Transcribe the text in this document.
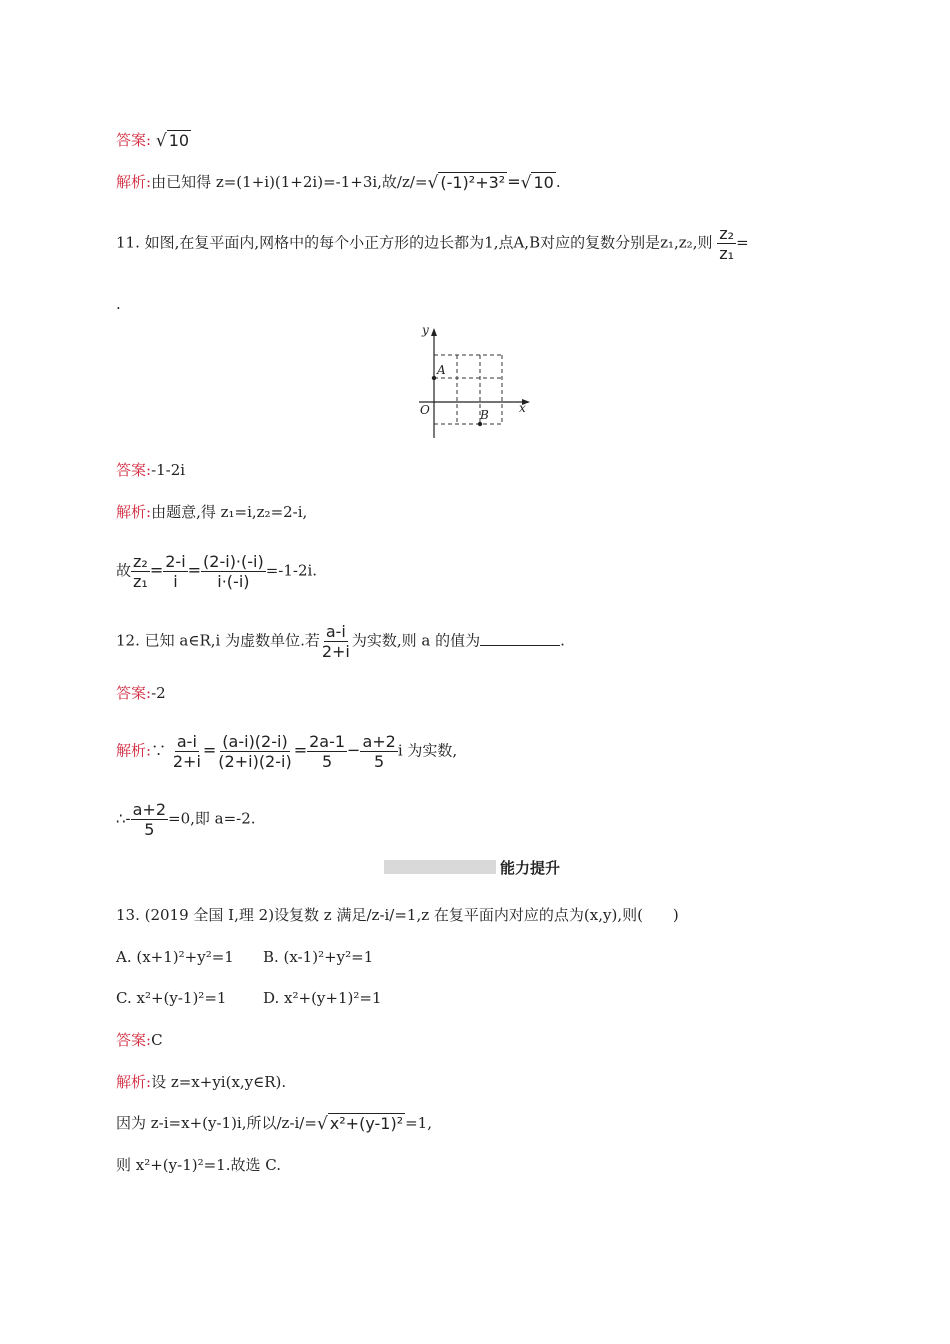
答案: √ 10
解析:由已知得 z=(1+i)(1+2i)=-1+3i,故/z/=√ (-1)²+3² =√ 10 .
11. 如图,在复平面内,网格中的每个小正方形的边长都为1,点A,B对应的复数分别是z₁,z₂,则 $\frac{\text{z₂}}{\text{z₁}}$ =
.
y
x
O
A
B
答案:-1-2i
解析:由题意,得 z₁=i,z₂=2-i,
故 $\frac{\text{z₂}}{\text{z₁}} = \frac{2-i}{i} = \frac{(2-i)\cdot(-i)}{i\cdot(-i)} =-1-2i$.
12. 已知 a∈R,i 为虚数单位.若 $\frac{a-i}{2+i}$ 为实数,则 a 的值为	.
答案:-2
解析:∵ $\frac{a-i}{2+i} = \frac{(a-i)(2-i)}{(2+i)(2-i)} = \frac{2a-1}{5} - \frac{a+2}{5}$ i 为实数,
∴- $\frac{a+2}{5} =0$,即 a=-2.
能力提升
13. (2019 全国 Ⅰ,理 2)设复数 z 满足/z-i/=1,z 在复平面内对应的点为(x,y),则(　　)
A. (x+1)²+y²=1 B. (x-1)²+y²=1
C. x²+(y-1)²=1 D. x²+(y+1)²=1
答案:C
解析:设 z=x+yi(x,y∈R).
因为 z-i=x+(y-1)i,所以/z-i/=√ x²+(y-1)² =1,
则 x²+(y-1)²=1.故选 C.
